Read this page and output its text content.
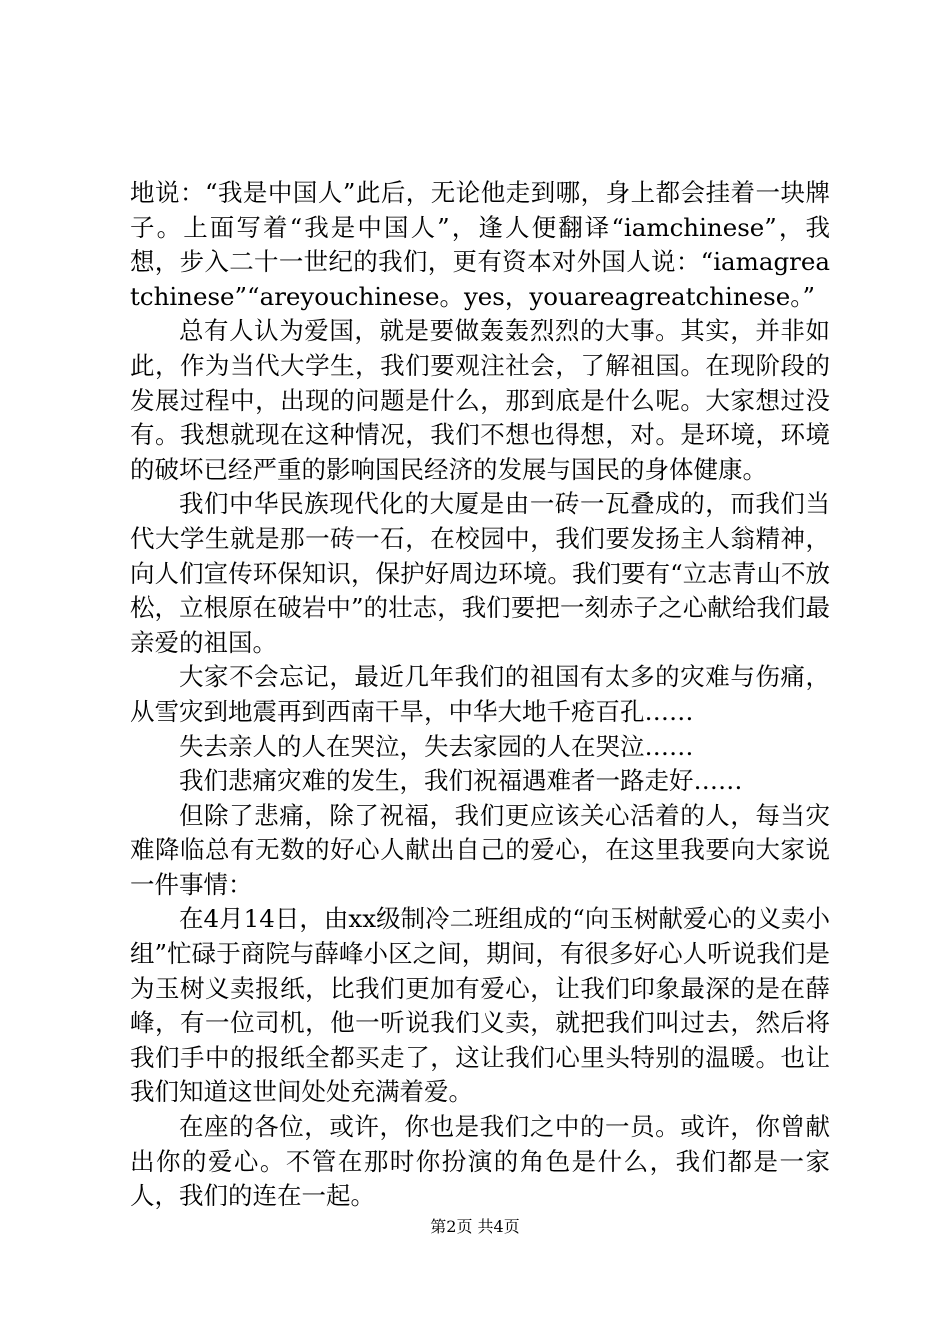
地说：“我是中国人”此后，无论他走到哪，身上都会挂着一块牌子。上面写着“我是中国人”，逢人便翻译“iamchinese”，我想，步入二十一世纪的我们，更有资本对外国人说：“iamagreatchinese”“areyouchinese。yes，youareagreatchinese。”

总有人认为爱国，就是要做轰轰烈烈的大事。其实，并非如此，作为当代大学生，我们要观注社会，了解祖国。在现阶段的发展过程中，出现的问题是什么，那到底是什么呢。大家想过没有。我想就现在这种情况，我们不想也得想，对。是环境，环境的破坏已经严重的影响国民经济的发展与国民的身体健康。

我们中华民族现代化的大厦是由一砖一瓦叠成的，而我们当代大学生就是那一砖一石，在校园中，我们要发扬主人翁精神，向人们宣传环保知识，保护好周边环境。我们要有“立志青山不放松，立根原在破岩中”的壮志，我们要把一刻赤子之心献给我们最亲爱的祖国。

大家不会忘记，最近几年我们的祖国有太多的灾难与伤痛，从雪灾到地震再到西南干旱，中华大地千疮百孔……

失去亲人的人在哭泣，失去家园的人在哭泣……

我们悲痛灾难的发生，我们祝福遇难者一路走好……

但除了悲痛，除了祝福，我们更应该关心活着的人，每当灾难降临总有无数的好心人献出自己的爱心，在这里我要向大家说一件事情：

在4月14日，由xx级制冷二班组成的“向玉树献爱心的义卖小组”忙碌于商院与薛峰小区之间，期间，有很多好心人听说我们是为玉树义卖报纸，比我们更加有爱心，让我们印象最深的是在薛峰，有一位司机，他一听说我们义卖，就把我们叫过去，然后将我们手中的报纸全都买走了，这让我们心里头特别的温暖。也让我们知道这世间处处充满着爱。

在座的各位，或许，你也是我们之中的一员。或许，你曾献出你的爱心。不管在那时你扮演的角色是什么，我们都是一家人，我们的连在一起。

第2页 共4页
